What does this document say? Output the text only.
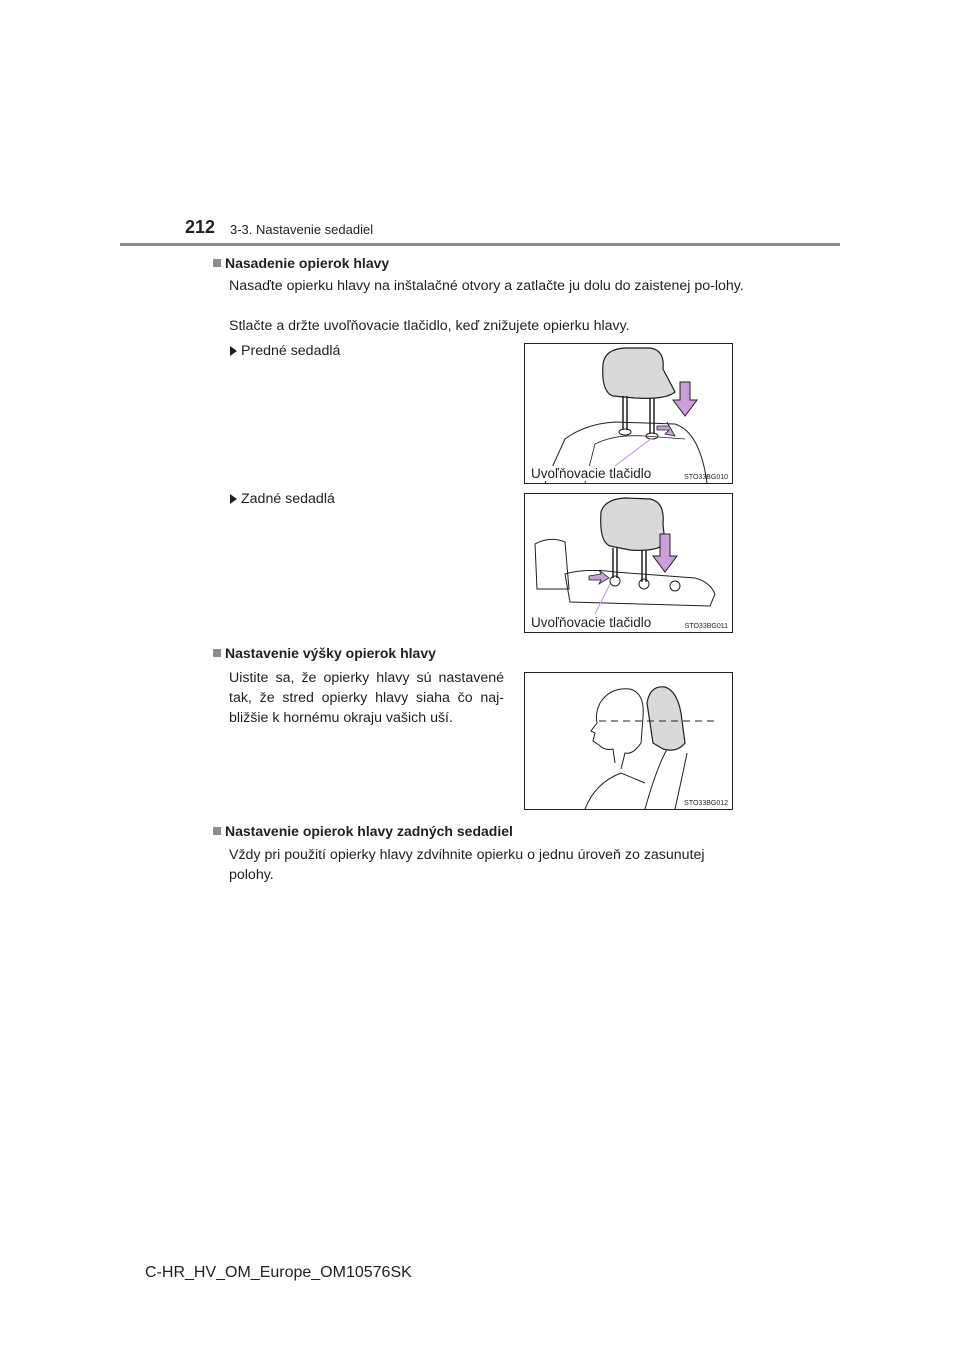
212 3-3. Nastavenie sedadiel
Nasadenie opierok hlavy
Nasaďte opierku hlavy na inštalačné otvory a zatlačte ju dolu do zaistenej po-lohy.
Stlačte a držte uvoľňovacie tlačidlo, keď znižujete opierku hlavy.
Predné sedadlá
Uvoľňovacie tlačidlo	STO33BG010
Zadné sedadlá
Uvoľňovacie tlačidlo	STO33BG011
Nastavenie výšky opierok hlavy
Uistite sa, že opierky hlavy sú nastavené tak, že stred opierky hlavy siaha čo naj-bližšie k hornému okraju vašich uší.
STO33BG012
Nastavenie opierok hlavy zadných sedadiel
Vždy pri použití opierky hlavy zdvihnite opierku o jednu úroveň zo zasunutej polohy.
C-HR_HV_OM_Europe_OM10576SK
